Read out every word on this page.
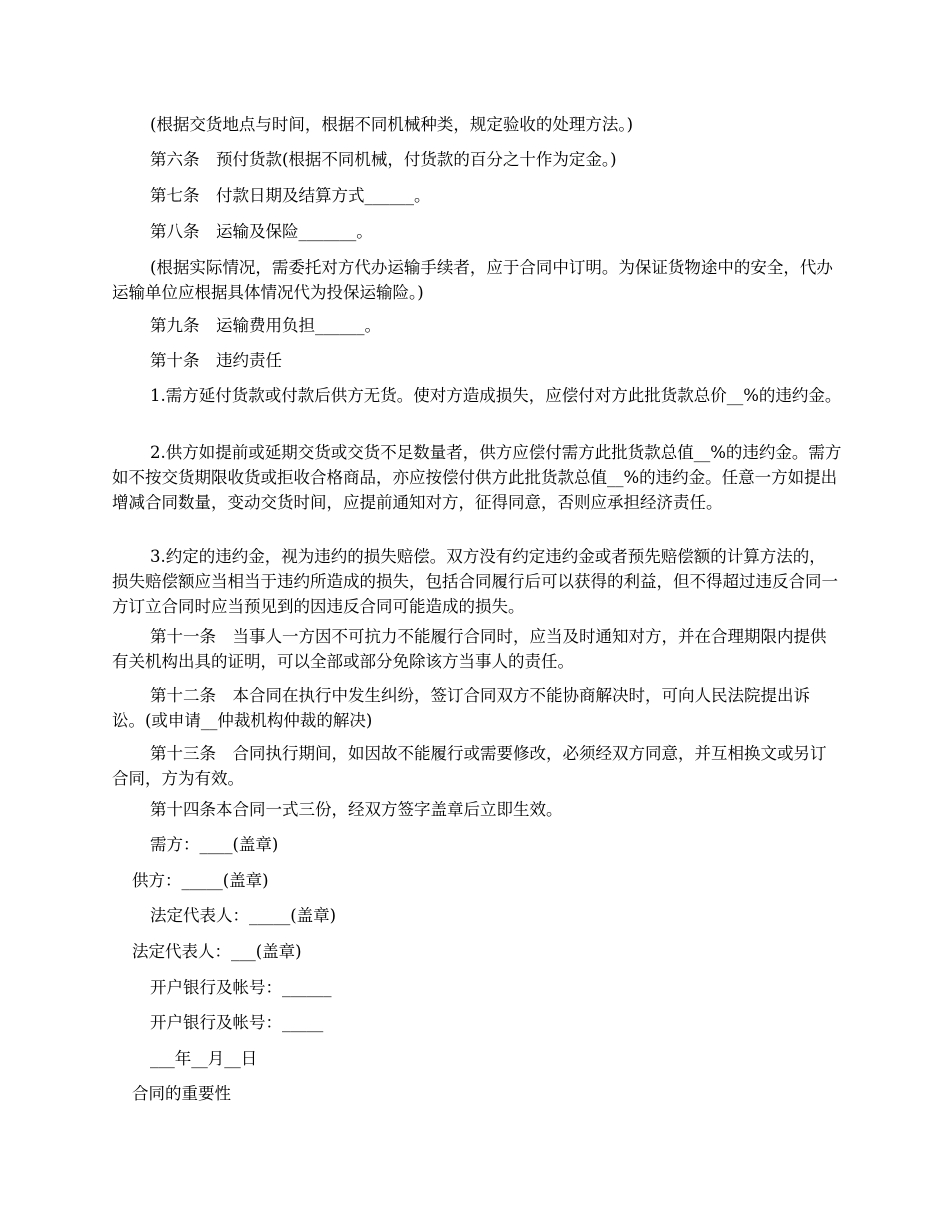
(根据交货地点与时间，根据不同机械种类，规定验收的处理方法。)

第六条　预付货款(根据不同机械，付货款的百分之十作为定金。)

第七条　付款日期及结算方式______。

第八条　运输及保险_______。

(根据实际情况，需委托对方代办运输手续者，应于合同中订明。为保证货物途中的安全，代办运输单位应根据具体情况代为投保运输险。)

第九条　运输费用负担______。

第十条　违约责任

1.需方延付货款或付款后供方无货。使对方造成损失，应偿付对方此批货款总价__%的违约金。

2.供方如提前或延期交货或交货不足数量者，供方应偿付需方此批货款总值__%的违约金。需方如不按交货期限收货或拒收合格商品，亦应按偿付供方此批货款总值__%的违约金。任意一方如提出增减合同数量，变动交货时间，应提前通知对方，征得同意，否则应承担经济责任。

3.约定的违约金，视为违约的损失赔偿。双方没有约定违约金或者预先赔偿额的计算方法的，损失赔偿额应当相当于违约所造成的损失，包括合同履行后可以获得的利益，但不得超过违反合同一方订立合同时应当预见到的因违反合同可能造成的损失。

第十一条　当事人一方因不可抗力不能履行合同时，应当及时通知对方，并在合理期限内提供有关机构出具的证明，可以全部或部分免除该方当事人的责任。

第十二条　本合同在执行中发生纠纷，签订合同双方不能协商解决时，可向人民法院提出诉讼。(或申请__仲裁机构仲裁的解决)

第十三条　合同执行期间，如因故不能履行或需要修改，必须经双方同意，并互相换文或另订合同，方为有效。

第十四条本合同一式三份，经双方签字盖章后立即生效。

需方：____(盖章)

供方：_____(盖章)

法定代表人：_____(盖章)

法定代表人：___(盖章)

开户银行及帐号：______

开户银行及帐号：_____

___年__月__日

合同的重要性
